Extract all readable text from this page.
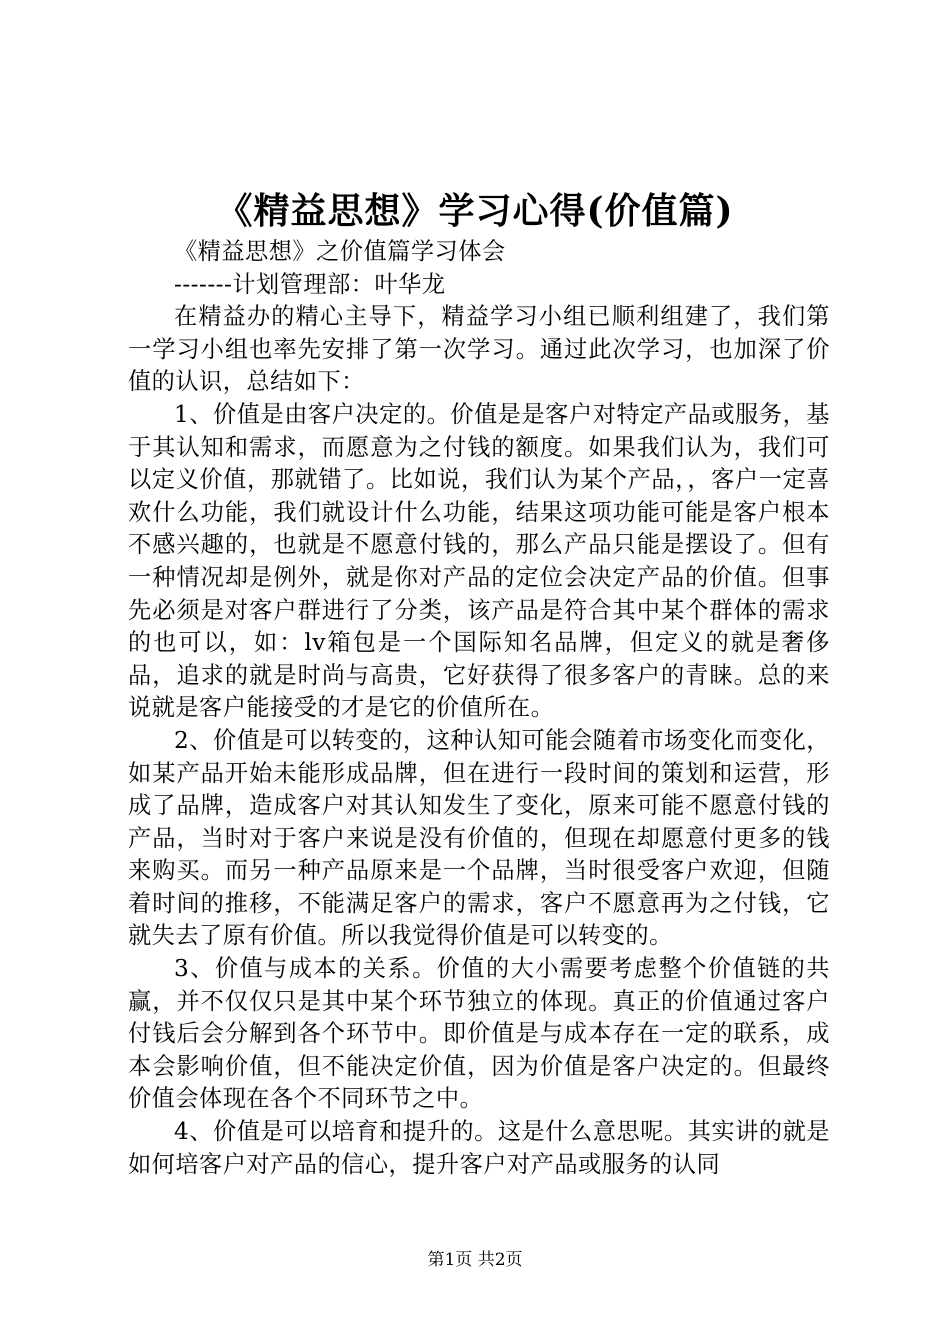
《精益思想》学习心得(价值篇)
《精益思想》之价值篇学习体会
-------计划管理部：叶华龙

在精益办的精心主导下，精益学习小组已顺利组建了，我们第一学习小组也率先安排了第一次学习。通过此次学习，也加深了价值的认识，总结如下：

1、价值是由客户决定的。价值是是客户对特定产品或服务，基于其认知和需求，而愿意为之付钱的额度。如果我们认为，我们可以定义价值，那就错了。比如说，我们认为某个产品，，客户一定喜欢什么功能，我们就设计什么功能，结果这项功能可能是客户根本不感兴趣的，也就是不愿意付钱的，那么产品只能是摆设了。但有一种情况却是例外，就是你对产品的定位会决定产品的价值。但事先必须是对客户群进行了分类，该产品是符合其中某个群体的需求的也可以，如：lv箱包是一个国际知名品牌，但定义的就是奢侈品，追求的就是时尚与高贵，它好获得了很多客户的青睐。总的来说就是客户能接受的才是它的价值所在。

2、价值是可以转变的，这种认知可能会随着市场变化而变化，如某产品开始未能形成品牌，但在进行一段时间的策划和运营，形成了品牌，造成客户对其认知发生了变化，原来可能不愿意付钱的产品，当时对于客户来说是没有价值的，但现在却愿意付更多的钱来购买。而另一种产品原来是一个品牌，当时很受客户欢迎，但随着时间的推移，不能满足客户的需求，客户不愿意再为之付钱，它就失去了原有价值。所以我觉得价值是可以转变的。

3、价值与成本的关系。价值的大小需要考虑整个价值链的共赢，并不仅仅只是其中某个环节独立的体现。真正的价值通过客户付钱后会分解到各个环节中。即价值是与成本存在一定的联系，成本会影响价值，但不能决定价值，因为价值是客户决定的。但最终价值会体现在各个不同环节之中。

4、价值是可以培育和提升的。这是什么意思呢。其实讲的就是如何培客户对产品的信心，提升客户对产品或服务的认同

第1页 共2页
